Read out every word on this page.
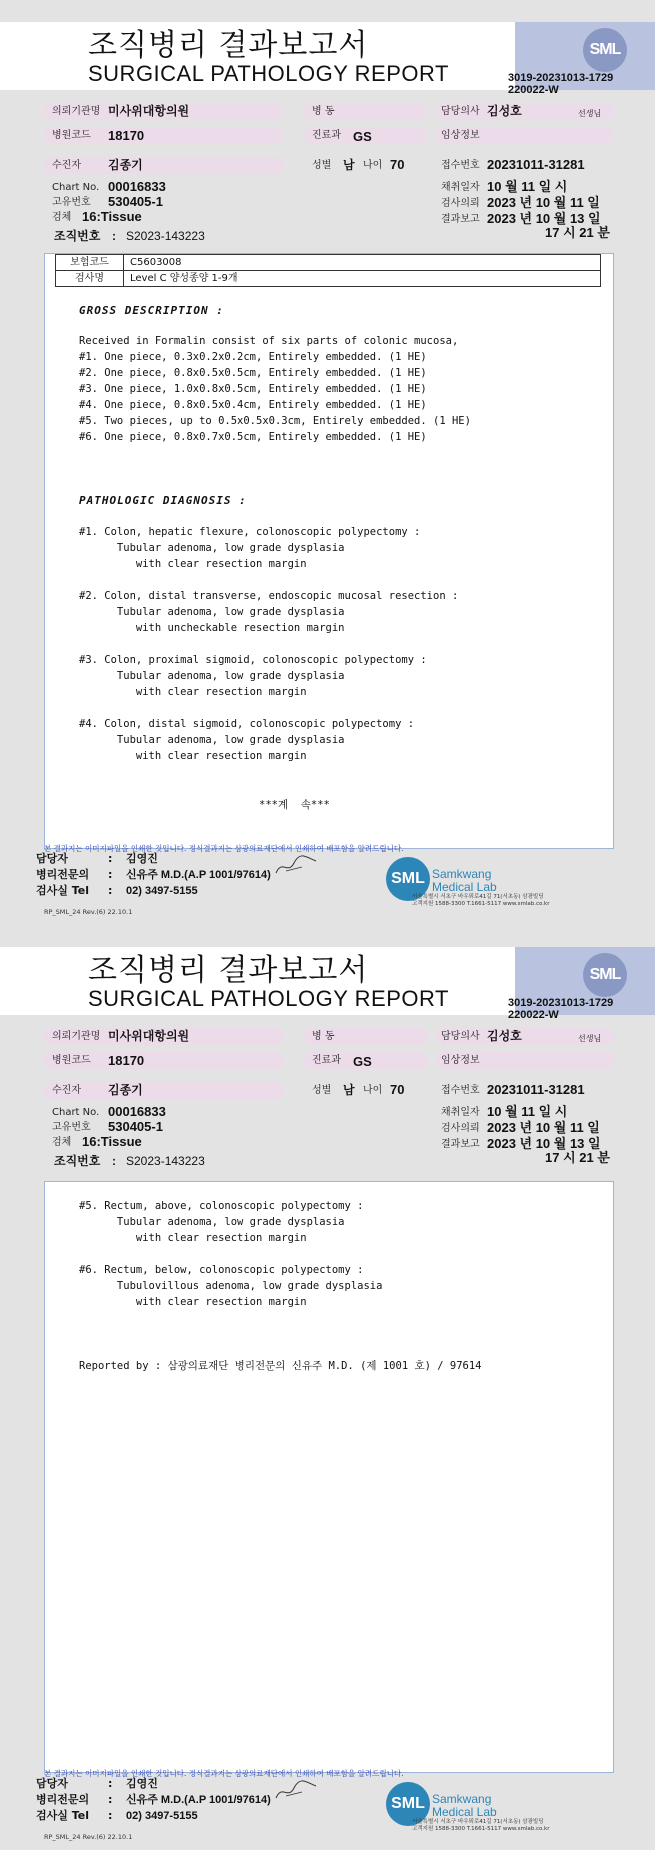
SML
조직병리 결과보고서
SURGICAL PATHOLOGY REPORT	3019-20231013-1729 220022-W
의뢰기관명 미사위대항의원	병 동	담당의사 김성호	선생님
병원코드 18170	진료과 GS	임상정보
수진자 김종기	성별 남 나이 70	접수번호 20231011-31281
Chart No. 00016833
고유번호 530405-1
검체 16:Tissue
조직번호 : S2023-143223
채취일자 10 월 11 일 시
검사의뢰 2023 년 10 월 11 일
결과보고 2023 년 10 월 13 일
17 시 21 분
보험코드	C5603008
검사명	Level C 양성종양 1-9개
GROSS DESCRIPTION :
Received in Formalin consist of six parts of colonic mucosa,
#1. One piece, 0.3x0.2x0.2cm, Entirely embedded. (1 HE)
#2. One piece, 0.8x0.5x0.5cm, Entirely embedded. (1 HE)
#3. One piece, 1.0x0.8x0.5cm, Entirely embedded. (1 HE)
#4. One piece, 0.8x0.5x0.4cm, Entirely embedded. (1 HE)
#5. Two pieces, up to 0.5x0.5x0.3cm, Entirely embedded. (1 HE)
#6. One piece, 0.8x0.7x0.5cm, Entirely embedded. (1 HE)
PATHOLOGIC DIAGNOSIS :
#1. Colon, hepatic flexure, colonoscopic polypectomy :
Tubular adenoma, low grade dysplasia
with clear resection margin
#2. Colon, distal transverse, endoscopic mucosal resection :
Tubular adenoma, low grade dysplasia
with uncheckable resection margin
#3. Colon, proximal sigmoid, colonoscopic polypectomy :
Tubular adenoma, low grade dysplasia
with clear resection margin
#4. Colon, distal sigmoid, colonoscopic polypectomy :
Tubular adenoma, low grade dysplasia
with clear resection margin
***계  속***
본 결과지는 이미지파일을 인쇄한 것입니다. 정식결과지는 삼광의료재단에서 인쇄하여 배포함을 알려드립니다.
담당자	: 김영진
병리전문의 : 신유주 M.D.(A.P 1001/97614)
검사실 Tel : 02) 3497-5155
SML Samkwang
Medical Lab
서울특별시 서초구 바우뫼로41길 71(서초동) 삼광빌딩
고객지원 1588-3300 T.1661-5117 www.smlab.co.kr
RP_SML_24 Rev.(6) 22.10.1
SML
조직병리 결과보고서
SURGICAL PATHOLOGY REPORT	3019-20231013-1729 220022-W
의뢰기관명 미사위대항의원	병 동	담당의사 김성호	선생님
병원코드 18170	진료과 GS	임상정보
수진자 김종기	성별 남 나이 70	접수번호 20231011-31281
Chart No. 00016833
고유번호 530405-1
검체 16:Tissue
조직번호 : S2023-143223
채취일자 10 월 11 일 시
검사의뢰 2023 년 10 월 11 일
결과보고 2023 년 10 월 13 일
17 시 21 분
#5. Rectum, above, colonoscopic polypectomy :
Tubular adenoma, low grade dysplasia
with clear resection margin
#6. Rectum, below, colonoscopic polypectomy :
Tubulovillous adenoma, low grade dysplasia
with clear resection margin
Reported by : 삼광의료재단 병리전문의 신유주 M.D. (제 1001 호) / 97614
본 결과지는 이미지파일을 인쇄한 것입니다. 정식결과지는 삼광의료재단에서 인쇄하여 배포함을 알려드립니다.
담당자	: 김영진
병리전문의 : 신유주 M.D.(A.P 1001/97614)
검사실 Tel : 02) 3497-5155
SML Samkwang
Medical Lab
서울특별시 서초구 바우뫼로41길 71(서초동) 삼광빌딩
고객지원 1588-3300 T.1661-5117 www.smlab.co.kr
RP_SML_24 Rev.(6) 22.10.1
